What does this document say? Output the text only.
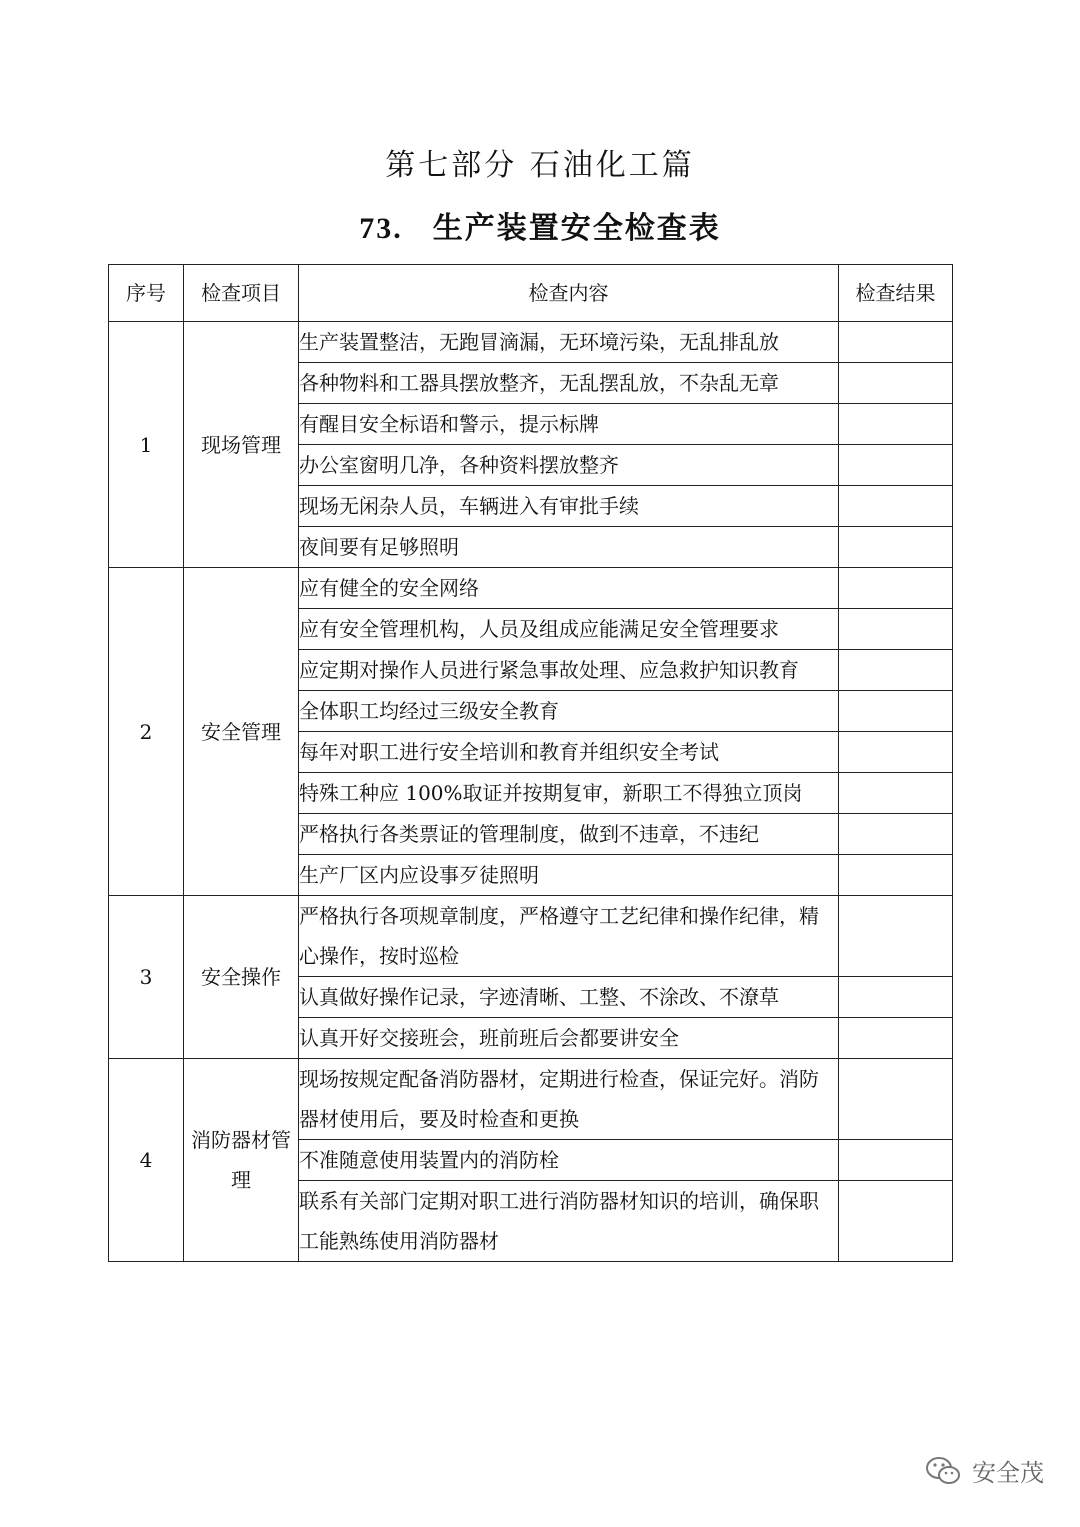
第七部分 石油化工篇
73. 生产装置安全检查表
序号	检查项目	检查内容	检查结果
1	现场管理	生产装置整洁，无跑冒滴漏，无环境污染，无乱排乱放	
		各种物料和工器具摆放整齐，无乱摆乱放，不杂乱无章	
		有醒目安全标语和警示，提示标牌	
		办公室窗明几净，各种资料摆放整齐	
		现场无闲杂人员，车辆进入有审批手续	
		夜间要有足够照明	
2	安全管理	应有健全的安全网络	
		应有安全管理机构，人员及组成应能满足安全管理要求	
		应定期对操作人员进行紧急事故处理、应急救护知识教育	
		全体职工均经过三级安全教育	
		每年对职工进行安全培训和教育并组织安全考试	
		特殊工种应 100%取证并按期复审，新职工不得独立顶岗	
		严格执行各类票证的管理制度，做到不违章，不违纪	
		生产厂区内应设事歹徒照明	
3	安全操作	严格执行各项规章制度，严格遵守工艺纪律和操作纪律，精心操作，按时巡检	
		认真做好操作记录，字迹清晰、工整、不涂改、不潦草	
		认真开好交接班会，班前班后会都要讲安全	
4	消防器材管理	现场按规定配备消防器材，定期进行检查，保证完好。消防器材使用后，要及时检查和更换	
		不准随意使用装置内的消防栓	
		联系有关部门定期对职工进行消防器材知识的培训，确保职工能熟练使用消防器材	
安全茂
